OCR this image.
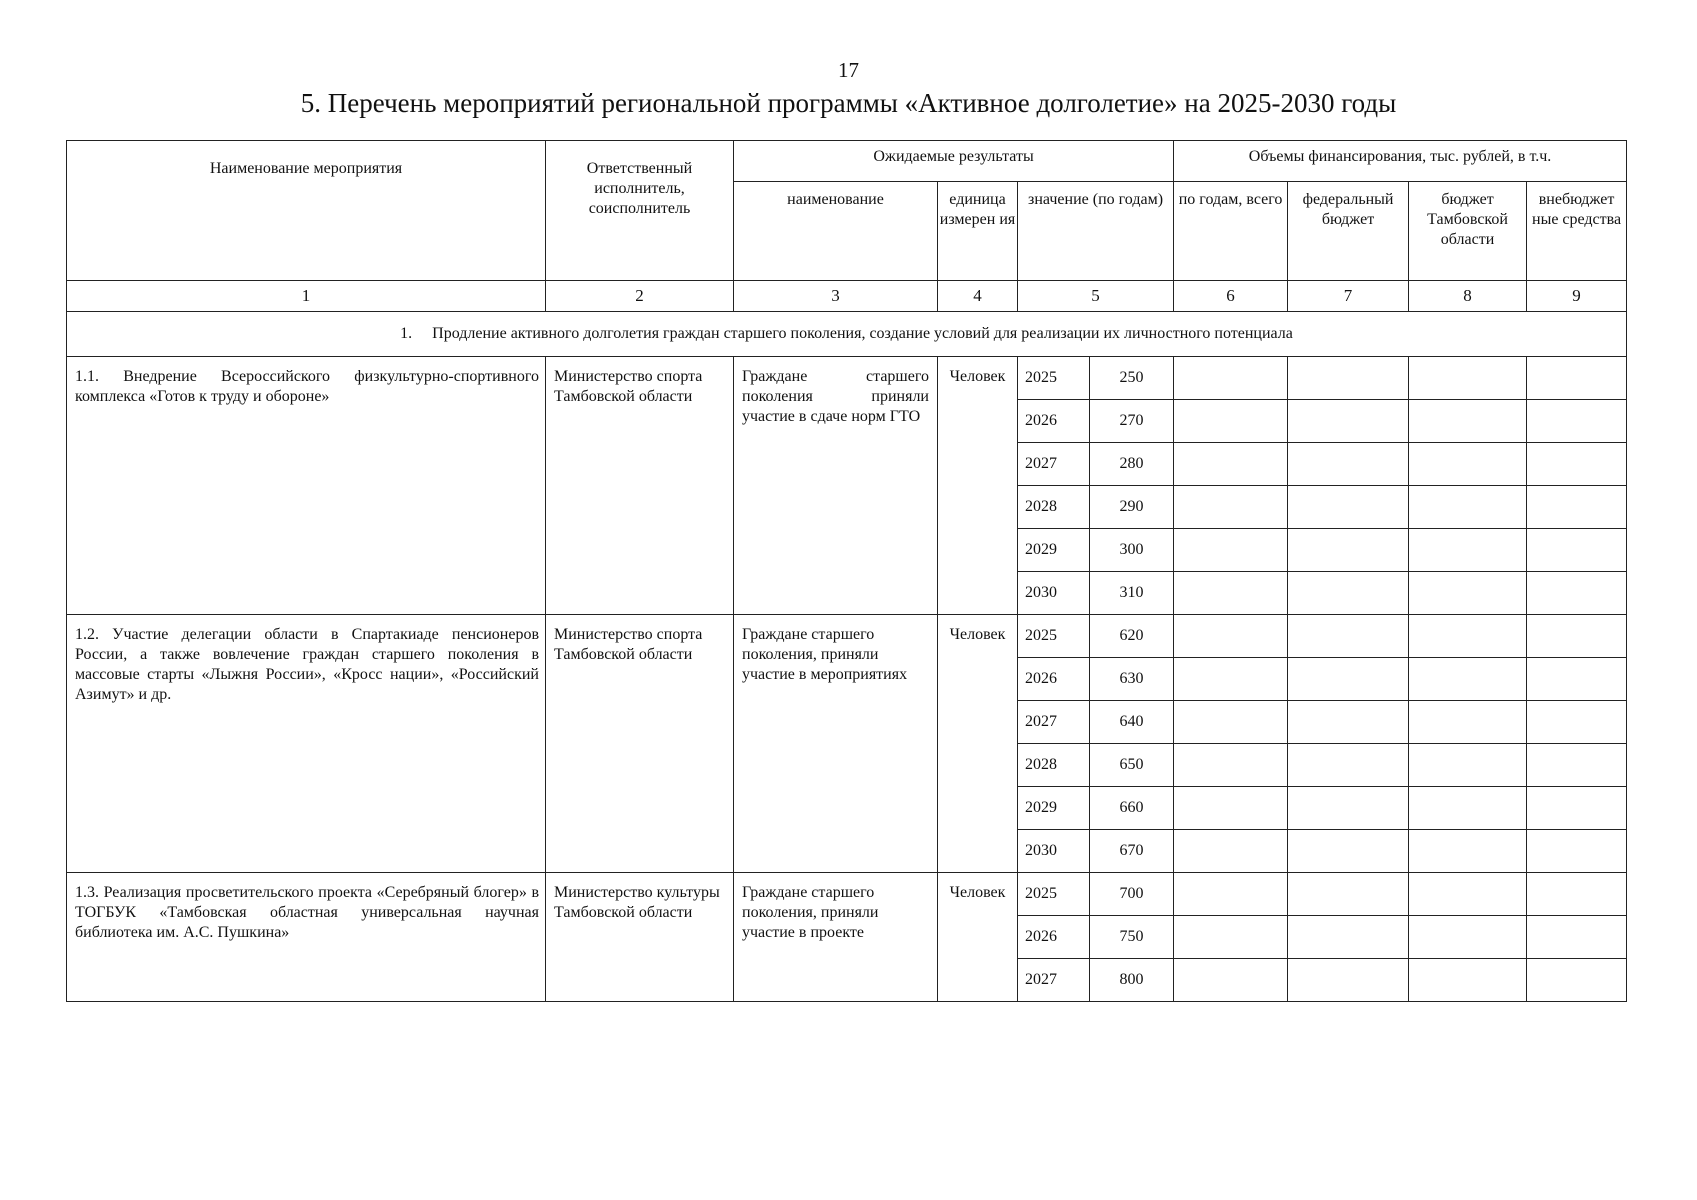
17
5. Перечень мероприятий региональной программы «Активное долголетие» на 2025-2030 годы
Наименование мероприятия	Ответственный исполнитель, соисполнитель	Ожидаемые результаты				Объемы финансирования, тыс. рублей, в т.ч.			
		наименование	единица измерен ия	значение (по годам)		по годам, всего	федеральный бюджет	бюджет Тамбовской области	внебюджет ные средства
1	2	3	4	5		6	7	8	9
1. Продление активного долголетия граждан старшего поколения, создание условий для реализации их личностного потенциала									
1.1. Внедрение Всероссийского физкультурно-спортивного комплекса «Готов к труду и обороне»	Министерство спорта Тамбовской области	Граждане старшего поколения приняли участие в сдаче норм ГТО	Человек	2025	250				
				2026	270				
				2027	280				
				2028	290				
				2029	300				
				2030	310				
1.2. Участие делегации области в Спартакиаде пенсионеров России, а также вовлечение граждан старшего поколения в массовые старты «Лыжня России», «Кросс нации», «Российский Азимут» и др.	Министерство спорта Тамбовской области	Граждане старшего поколения, приняли участие в мероприятиях	Человек	2025	620				
				2026	630				
				2027	640				
				2028	650				
				2029	660				
				2030	670				
1.3. Реализация просветительского проекта «Серебряный блогер» в ТОГБУК «Тамбовская областная универсальная научная библиотека им. А.С. Пушкина»	Министерство культуры Тамбовской области	Граждане старшего поколения, приняли участие в проекте	Человек	2025	700				
				2026	750				
				2027	800				
